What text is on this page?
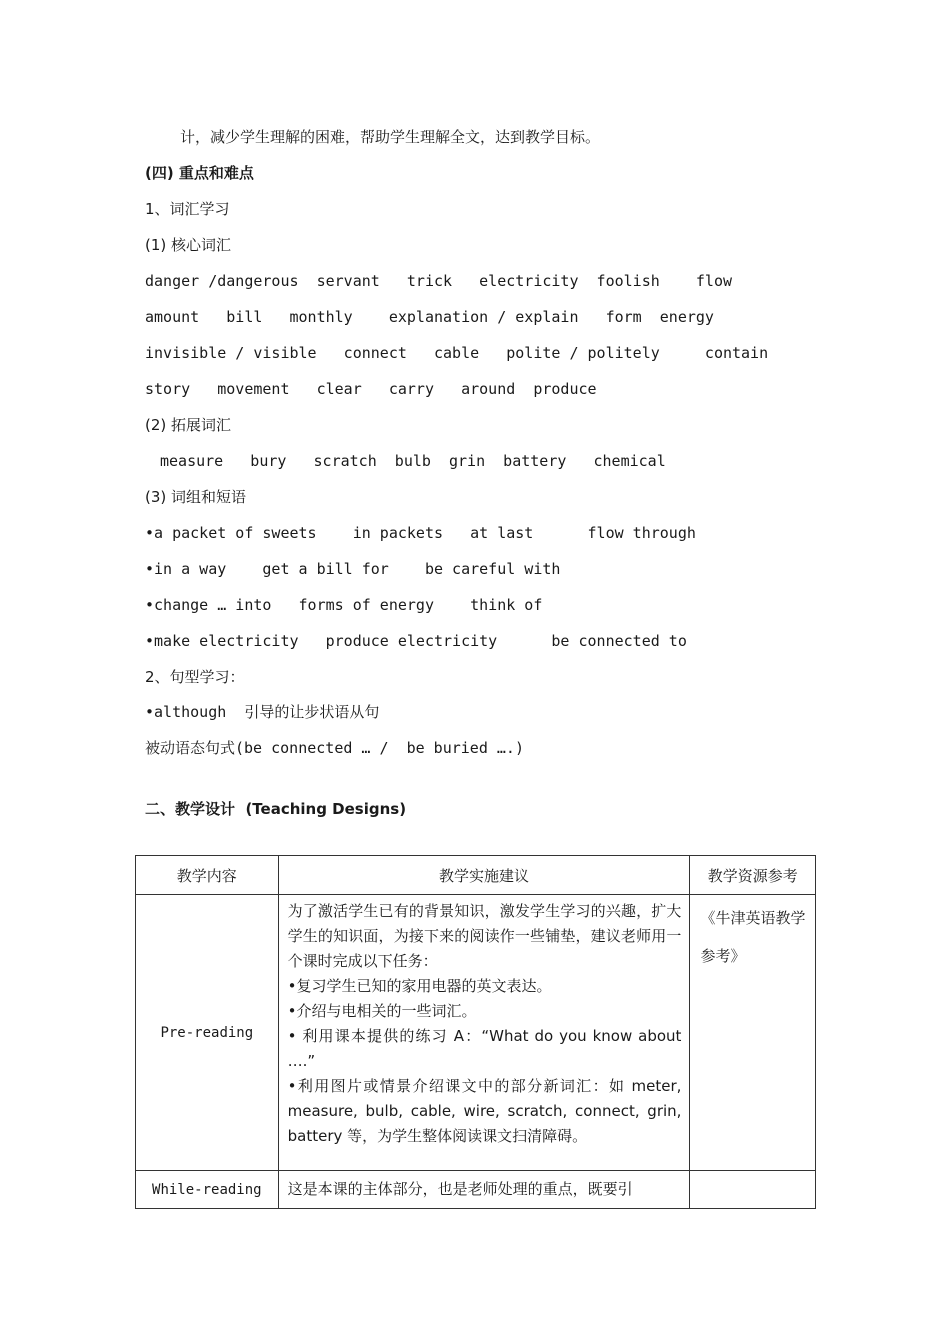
计，减少学生理解的困难，帮助学生理解全文，达到教学目标。
(四) 重点和难点
1、词汇学习
(1) 核心词汇
danger /dangerous  servant   trick   electricity  foolish    flow
amount   bill   monthly    explanation / explain   form  energy
invisible / visible   connect   cable   polite / politely     contain
story   movement   clear   carry   around  produce
(2) 拓展词汇
measure   bury   scratch  bulb  grin  battery   chemical
(3) 词组和短语
•a packet of sweets    in packets   at last      flow through
•in a way    get a bill for    be careful with
•change … into   forms of energy    think of
•make electricity   produce electricity      be connected to
2、句型学习：
•although  引导的让步状语从句
被动语态句式(be connected … /  be buried ….)
二、教学设计  (Teaching Designs)
教学内容	教学实施建议	教学资源参考
Pre-reading	为了激活学生已有的背景知识，激发学生学习的兴趣，扩大学生的知识面，为接下来的阅读作一些铺垫，建议老师用一个课时完成以下任务：
•复习学生已知的家用电器的英文表达。
•介绍与电相关的一些词汇。
• 利用课本提供的练习 A：“What do you know about ….”
•利用图片或情景介绍课文中的部分新词汇：如 meter, measure, bulb, cable, wire, scratch, connect, grin, battery 等，为学生整体阅读课文扫清障碍。	《牛津英语教学参考》
While-reading	这是本课的主体部分，也是老师处理的重点，既要引	
